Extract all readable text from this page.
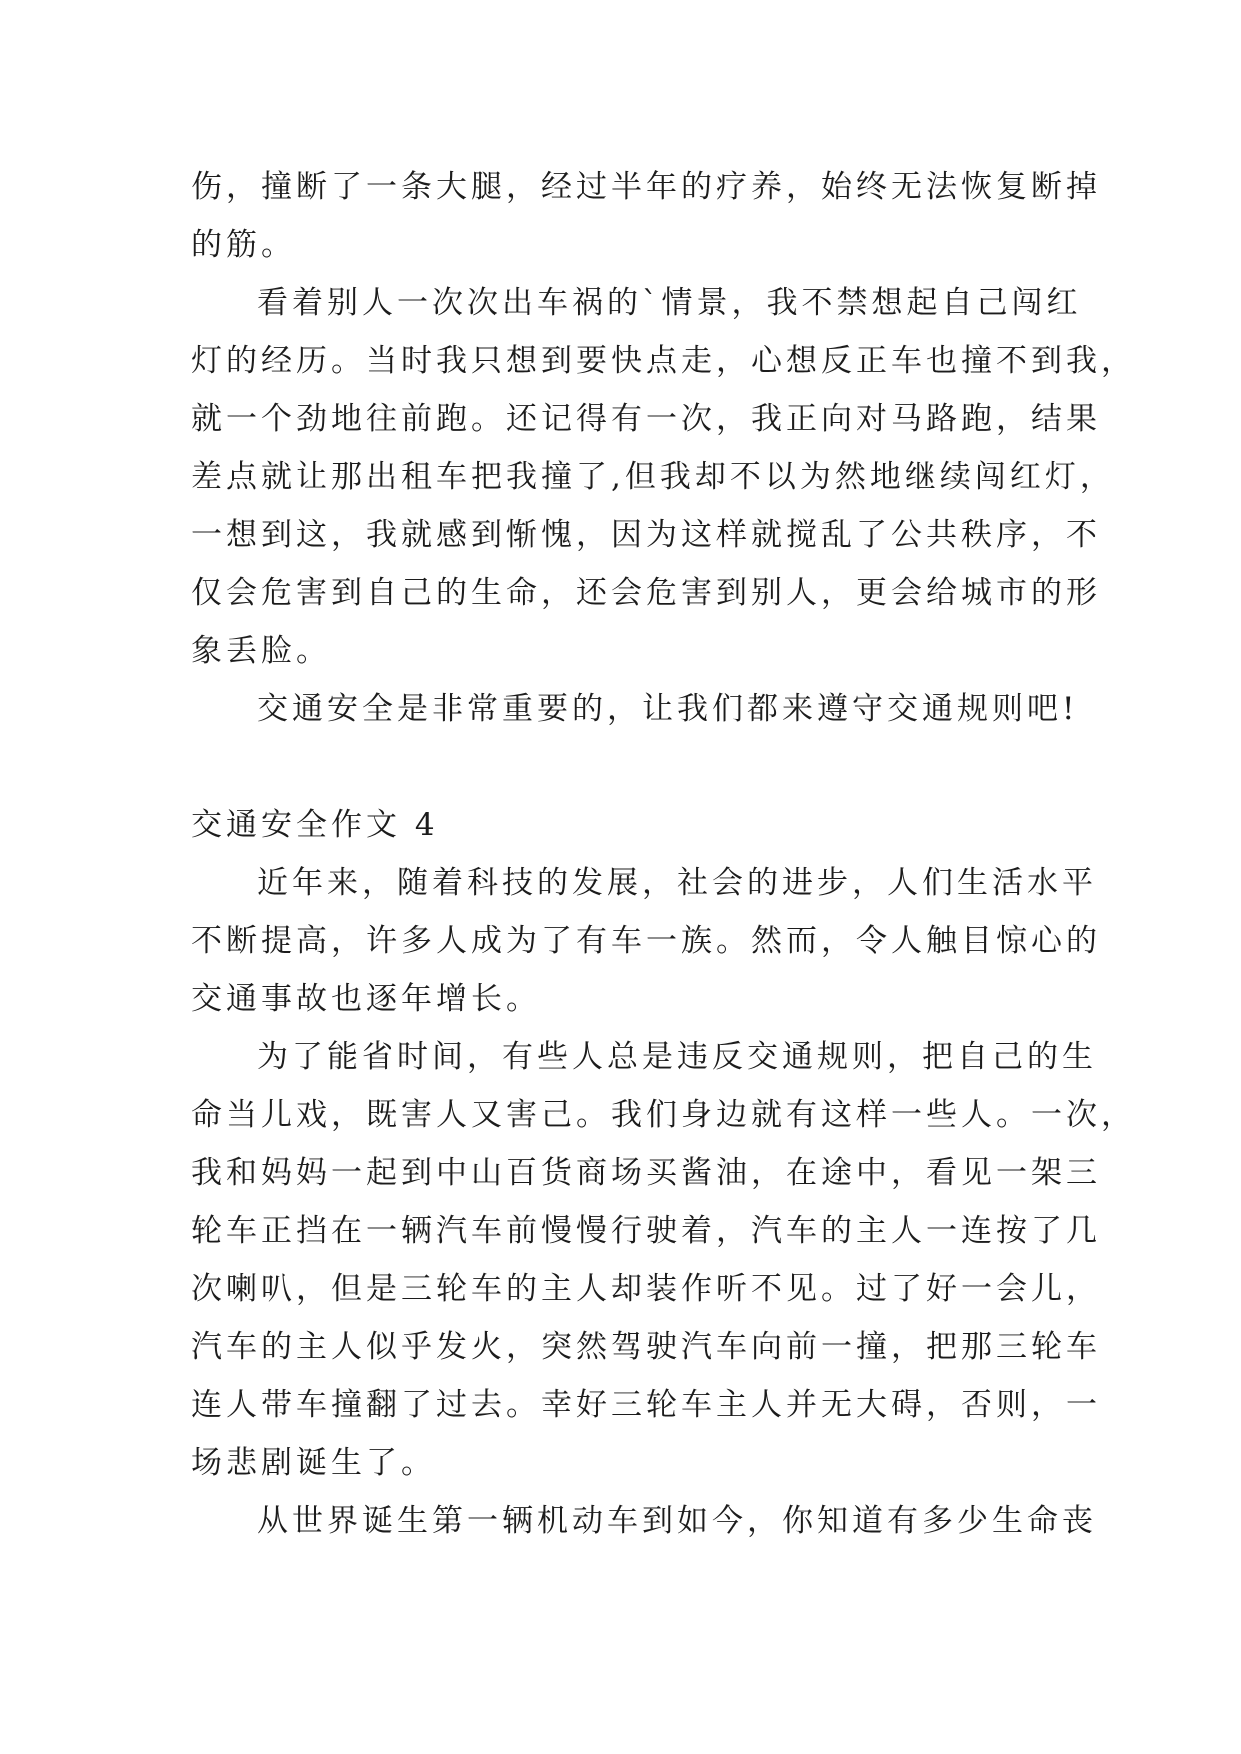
伤，撞断了一条大腿，经过半年的疗养，始终无法恢复断掉
的筋。
看着别人一次次出车祸的`情景，我不禁想起自己闯红
灯的经历。当时我只想到要快点走，心想反正车也撞不到我，
就一个劲地往前跑。还记得有一次，我正向对马路跑，结果
差点就让那出租车把我撞了,但我却不以为然地继续闯红灯，
一想到这，我就感到惭愧，因为这样就搅乱了公共秩序，不
仅会危害到自己的生命，还会危害到别人，更会给城市的形
象丢脸。
交通安全是非常重要的，让我们都来遵守交通规则吧!
交通安全作文 4
近年来，随着科技的发展，社会的进步，人们生活水平
不断提高，许多人成为了有车一族。然而，令人触目惊心的
交通事故也逐年增长。
为了能省时间，有些人总是违反交通规则，把自己的生
命当儿戏，既害人又害己。我们身边就有这样一些人。一次，
我和妈妈一起到中山百货商场买酱油，在途中，看见一架三
轮车正挡在一辆汽车前慢慢行驶着，汽车的主人一连按了几
次喇叭，但是三轮车的主人却装作听不见。过了好一会儿，
汽车的主人似乎发火，突然驾驶汽车向前一撞，把那三轮车
连人带车撞翻了过去。幸好三轮车主人并无大碍，否则，一
场悲剧诞生了。
从世界诞生第一辆机动车到如今，你知道有多少生命丧
